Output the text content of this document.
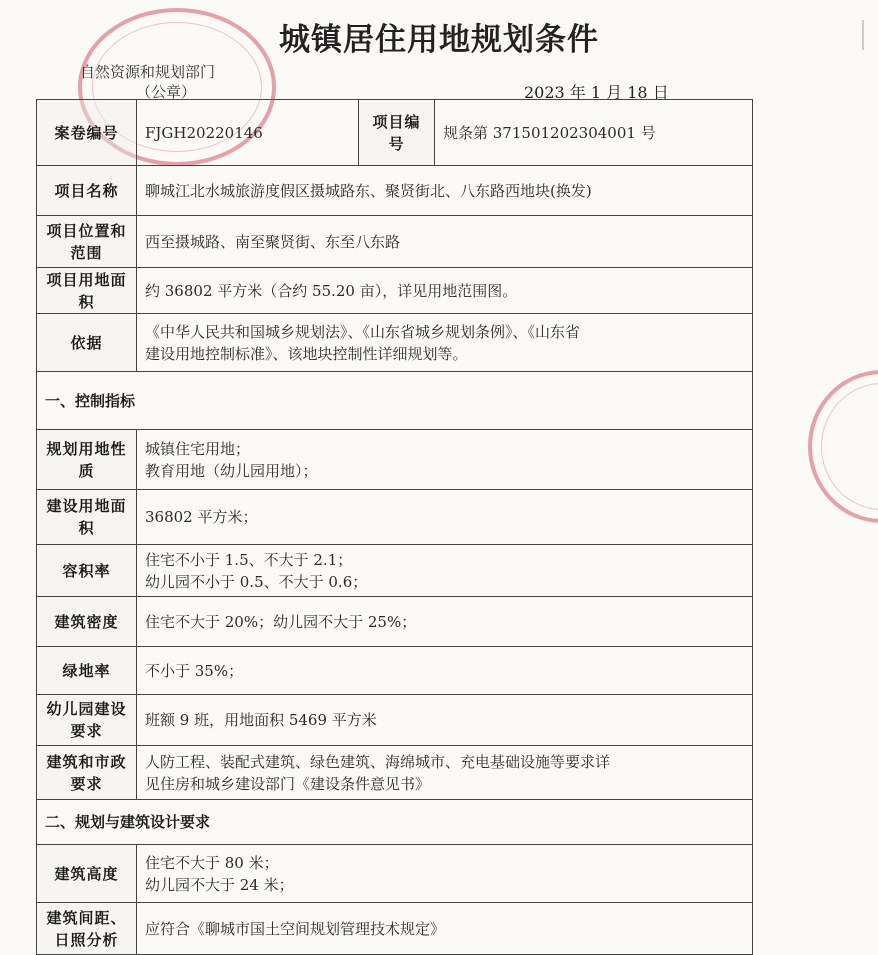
城镇居住用地规划条件
自然资源和规划部门
（公章）	2023 年 1 月 18 日
案卷编号	FJGH20220146	项目编号	规条第 371501202304001 号
项目名称	聊城江北水城旅游度假区摄城路东、聚贤街北、八东路西地块(换发)		

项目位置和范围	西至摄城路、南至聚贤街、东至八东路		

项目用地面积	约 36802 平方米（合约 55.20 亩），详见用地范围图。		

依据	《中华人民共和国城乡规划法》、《山东省城乡规划条例》、《山东省
建设用地控制标准》、该地块控制性详细规划等。		

一、控制指标			
规划用地性质	城镇住宅用地；
教育用地（幼儿园用地）；		

建设用地面积	36802 平方米；		

容积率	住宅不小于 1.5、不大于 2.1；
幼儿园不小于 0.5、不大于 0.6；		

建筑密度	住宅不大于 20%；幼儿园不大于 25%；		

绿地率	不小于 35%；		

幼儿园建设要求	班额 9 班，用地面积 5469 平方米		

建筑和市政要求	人防工程、装配式建筑、绿色建筑、海绵城市、充电基础设施等要求详
见住房和城乡建设部门《建设条件意见书》		

二、规划与建筑设计要求			
建筑高度	住宅不大于 80 米；
幼儿园不大于 24 米；		

建筑间距、日照分析	应符合《聊城市国土空间规划管理技术规定》		
